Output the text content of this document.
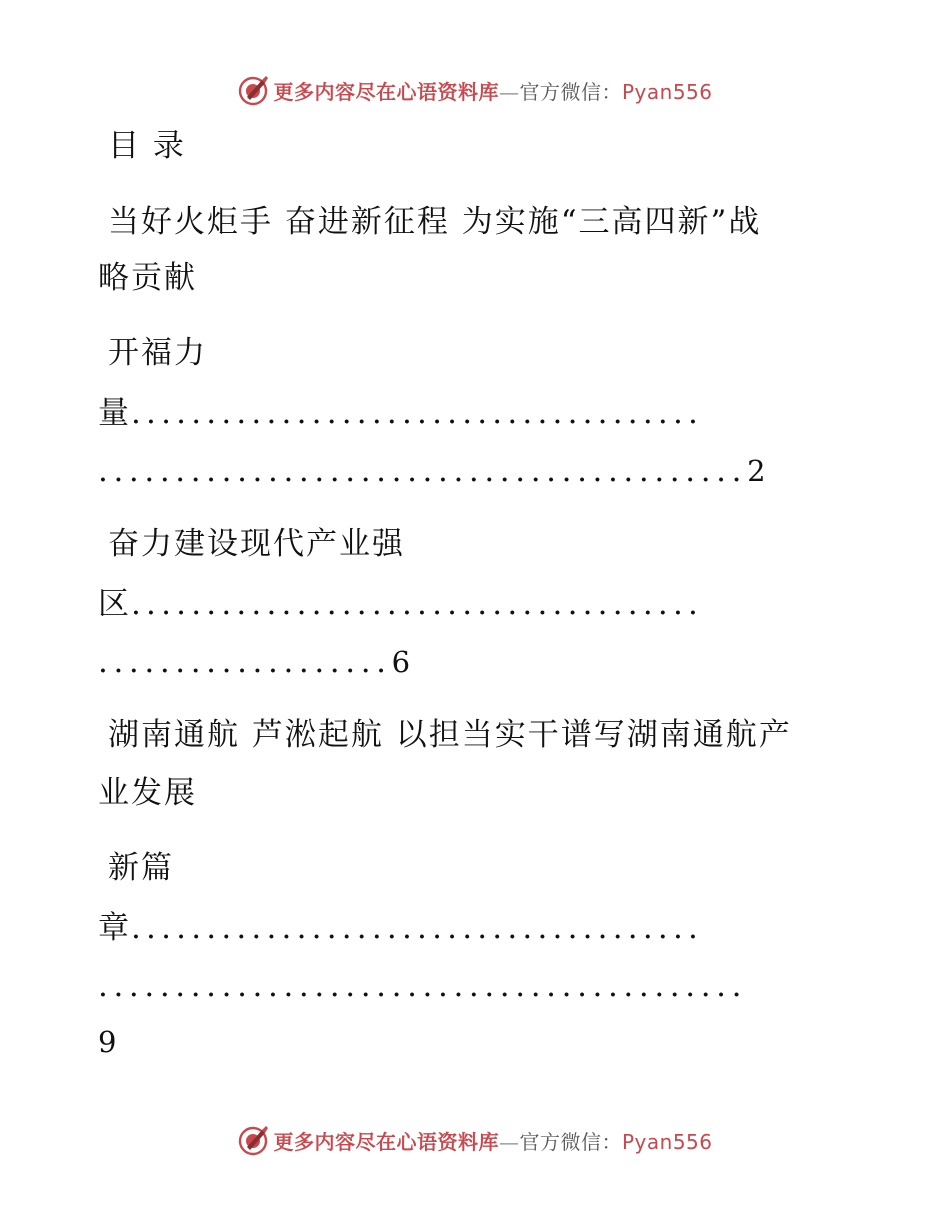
更多内容尽在心语资料库—官方微信：Pyan556
目 录
当好火炬手 奋进新征程 为实施“三高四新”战
略贡献
开福力
量......................................
..........................................2
奋力建设现代产业强
区......................................
...................6
湖南通航 芦淞起航 以担当实干谱写湖南通航产
业发展
新篇
章......................................
..........................................
9
更多内容尽在心语资料库—官方微信：Pyan556
